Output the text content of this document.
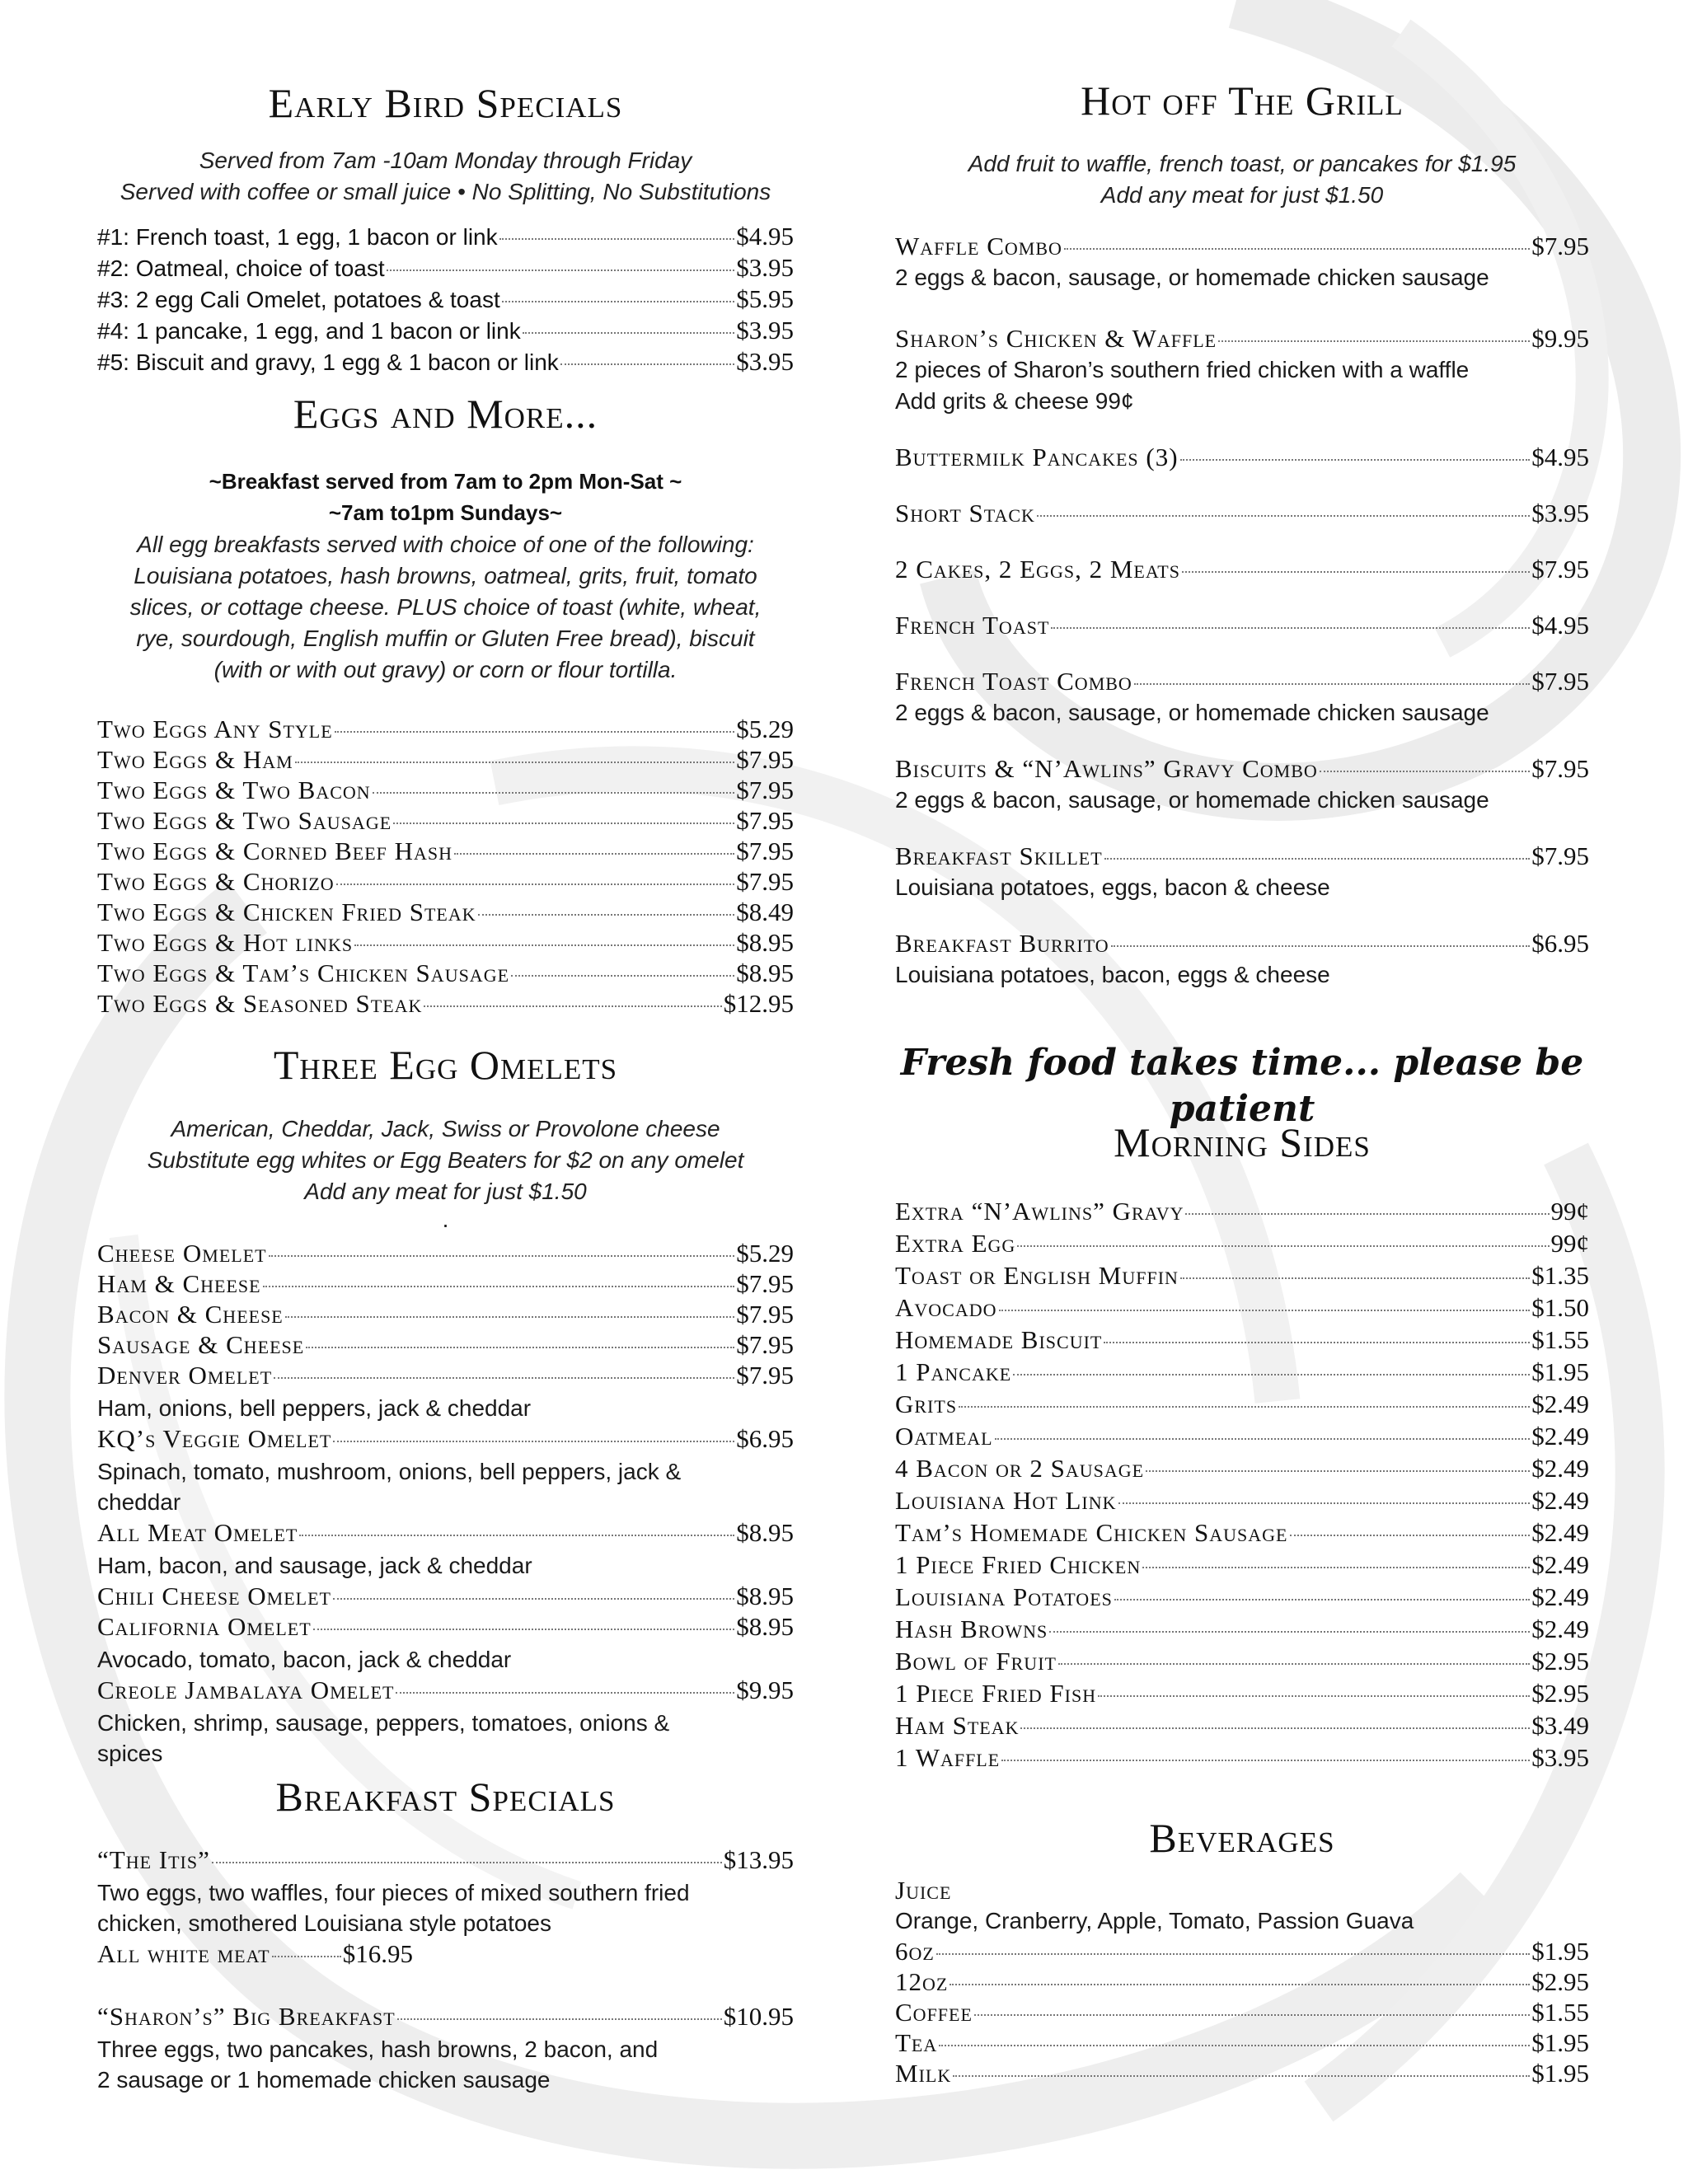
Early Bird Specials
Served from 7am -10am Monday through Friday
Served with coffee or small juice • No Splitting, No Substitutions
#1: French toast, 1 egg, 1 bacon or link	$4.95
#2: Oatmeal, choice of toast	$3.95
#3: 2 egg Cali Omelet, potatoes & toast	$5.95
#4: 1 pancake, 1 egg, and 1 bacon or link	$3.95
#5: Biscuit and gravy, 1 egg & 1 bacon or link	$3.95
Eggs and More...
~Breakfast served from 7am to 2pm Mon-Sat ~
~7am to1pm Sundays~
All egg breakfasts served with choice of one of the following:
Louisiana potatoes, hash browns, oatmeal, grits, fruit, tomato
slices, or cottage cheese. PLUS choice of toast (white, wheat,
rye, sourdough, English muffin or Gluten Free bread), biscuit
(with or with out gravy) or corn or flour tortilla.
Two Eggs Any Style	$5.29
Two Eggs & Ham	$7.95
Two Eggs & Two Bacon	$7.95
Two Eggs & Two Sausage	$7.95
Two Eggs & Corned Beef Hash	$7.95
Two Eggs & Chorizo	$7.95
Two Eggs & Chicken Fried Steak	$8.49
Two Eggs & Hot links	$8.95
Two Eggs & Tam’s Chicken Sausage	$8.95
Two Eggs & Seasoned Steak	$12.95
Three Egg Omelets
American, Cheddar, Jack, Swiss or Provolone cheese
Substitute egg whites or Egg Beaters for $2 on any omelet
Add any meat for just $1.50
.
Cheese Omelet	$5.29
Ham & Cheese	$7.95
Bacon & Cheese	$7.95
Sausage & Cheese	$7.95
Denver Omelet	$7.95
Ham, onions, bell peppers, jack & cheddar
KQ’s Veggie Omelet	$6.95
Spinach, tomato, mushroom, onions, bell peppers, jack &
cheddar
All Meat Omelet	$8.95
Ham, bacon, and sausage, jack & cheddar
Chili Cheese Omelet	$8.95
California Omelet	$8.95
Avocado, tomato, bacon, jack & cheddar
Creole Jambalaya Omelet	$9.95
Chicken, shrimp, sausage, peppers, tomatoes, onions &
spices
Breakfast Specials
“The Itis”	$13.95
Two eggs, two waffles, four pieces of mixed southern fried
chicken, smothered Louisiana style potatoes
All white meat	$16.95
“Sharon’s” Big Breakfast	$10.95
Three eggs, two pancakes, hash browns, 2 bacon, and
2 sausage or 1 homemade chicken sausage
Hot off The Grill
Add fruit to waffle, french toast, or pancakes for $1.95
Add any meat for just $1.50
Waffle Combo	$7.95
2 eggs & bacon, sausage, or homemade chicken sausage
Sharon’s Chicken & Waffle	$9.95
2 pieces of Sharon’s southern fried chicken with a waffle
Add grits & cheese 99¢
Buttermilk Pancakes (3)	$4.95
Short Stack	$3.95
2 Cakes, 2 Eggs, 2 Meats	$7.95
French Toast	$4.95
French Toast Combo	$7.95
2 eggs & bacon, sausage, or homemade chicken sausage
Biscuits & “N’Awlins” Gravy Combo	$7.95
2 eggs & bacon, sausage, or homemade chicken sausage
Breakfast Skillet	$7.95
Louisiana potatoes, eggs, bacon & cheese
Breakfast Burrito	$6.95
Louisiana potatoes, bacon, eggs & cheese
Fresh food takes time... please be patient
Morning Sides
Extra “N’Awlins” Gravy	99¢
Extra Egg	99¢
Toast or English Muffin	$1.35
Avocado	$1.50
Homemade Biscuit	$1.55
1 Pancake	$1.95
Grits	$2.49
Oatmeal	$2.49
4 Bacon or 2 Sausage	$2.49
Louisiana Hot Link	$2.49
Tam’s Homemade Chicken Sausage	$2.49
1 Piece Fried Chicken	$2.49
Louisiana Potatoes	$2.49
Hash Browns	$2.49
Bowl of Fruit	$2.95
1 Piece Fried Fish	$2.95
Ham Steak	$3.49
1 Waffle	$3.95
Beverages
Juice
Orange, Cranberry, Apple, Tomato, Passion Guava
6oz	$1.95
12oz	$2.95
Coffee	$1.55
Tea	$1.95
Milk	$1.95
